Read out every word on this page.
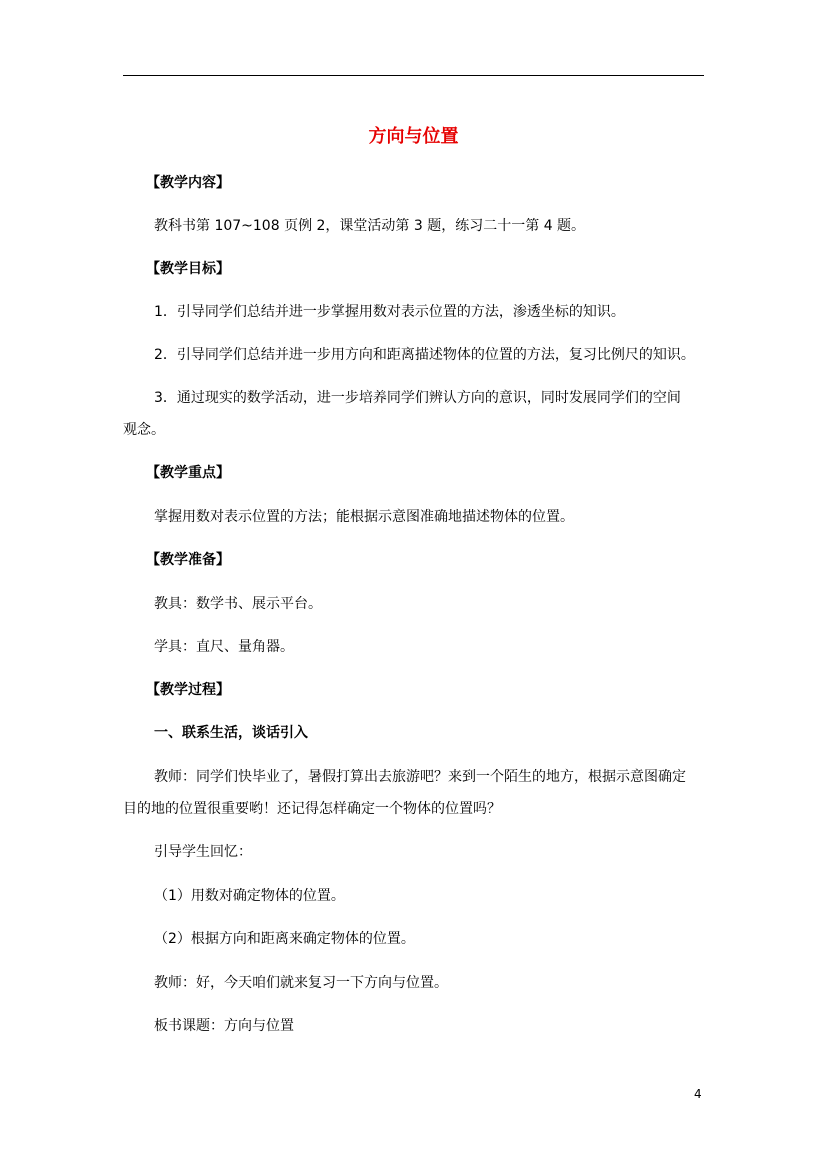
方向与位置
【教学内容】
教科书第 107~108 页例 2，课堂活动第 3 题，练习二十一第 4 题。
【教学目标】
1．引导同学们总结并进一步掌握用数对表示位置的方法，渗透坐标的知识。
2．引导同学们总结并进一步用方向和距离描述物体的位置的方法，复习比例尺的知识。
3．通过现实的数学活动，进一步培养同学们辨认方向的意识，同时发展同学们的空间
观念。
【教学重点】
掌握用数对表示位置的方法；能根据示意图准确地描述物体的位置。
【教学准备】
教具：数学书、展示平台。
学具：直尺、量角器。
【教学过程】
一、联系生活，谈话引入
教师：同学们快毕业了，暑假打算出去旅游吧？来到一个陌生的地方，根据示意图确定
目的地的位置很重要哟！还记得怎样确定一个物体的位置吗？
引导学生回忆：
（1）用数对确定物体的位置。
（2）根据方向和距离来确定物体的位置。
教师：好，今天咱们就来复习一下方向与位置。
板书课题：方向与位置
4
